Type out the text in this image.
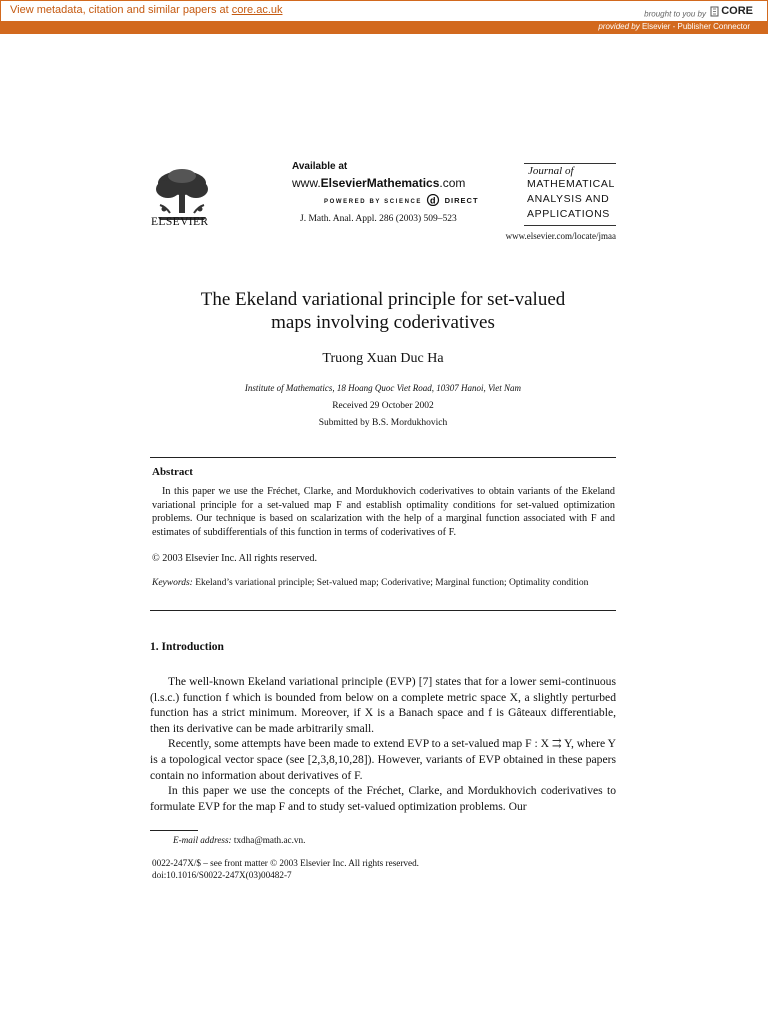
View metadata, citation and similar papers at core.ac.uk	brought to you by CORE
provided by Elsevier - Publisher Connector
ELSEVIER
Available at
www.ElsevierMathematics.com
POWERED BY SCIENCE d DIRECT
J. Math. Anal. Appl. 286 (2003) 509–523
Journal of
MATHEMATICAL
ANALYSIS AND
APPLICATIONS
www.elsevier.com/locate/jmaa
The Ekeland variational principle for set-valued
maps involving coderivatives
Truong Xuan Duc Ha
Institute of Mathematics, 18 Hoang Quoc Viet Road, 10307 Hanoi, Viet Nam
Received 29 October 2002
Submitted by B.S. Mordukhovich
Abstract

In this paper we use the Fréchet, Clarke, and Mordukhovich coderivatives to obtain variants of the Ekeland variational principle for a set-valued map F and establish optimality conditions for set-valued optimization problems. Our technique is based on scalarization with the help of a marginal function associated with F and estimates of subdifferentials of this function in terms of coderivatives of F.

© 2003 Elsevier Inc. All rights reserved.
Keywords: Ekeland’s variational principle; Set-valued map; Coderivative; Marginal function; Optimality condition
1. Introduction

The well-known Ekeland variational principle (EVP) [7] states that for a lower semi-continuous (l.s.c.) function f which is bounded from below on a complete metric space X, a slightly perturbed function has a strict minimum. Moreover, if X is a Banach space and f is Gâteaux differentiable, then its derivative can be made arbitrarily small.

Recently, some attempts have been made to extend EVP to a set-valued map F : X ⇉ Y, where Y is a topological vector space (see [2,3,8,10,28]). However, variants of EVP obtained in these papers contain no information about derivatives of F.

In this paper we use the concepts of the Fréchet, Clarke, and Mordukhovich coderivatives to formulate EVP for the map F and to study set-valued optimization problems. Our

E-mail address: txdha@math.ac.vn.
0022-247X/$ – see front matter © 2003 Elsevier Inc. All rights reserved.
doi:10.1016/S0022-247X(03)00482-7
